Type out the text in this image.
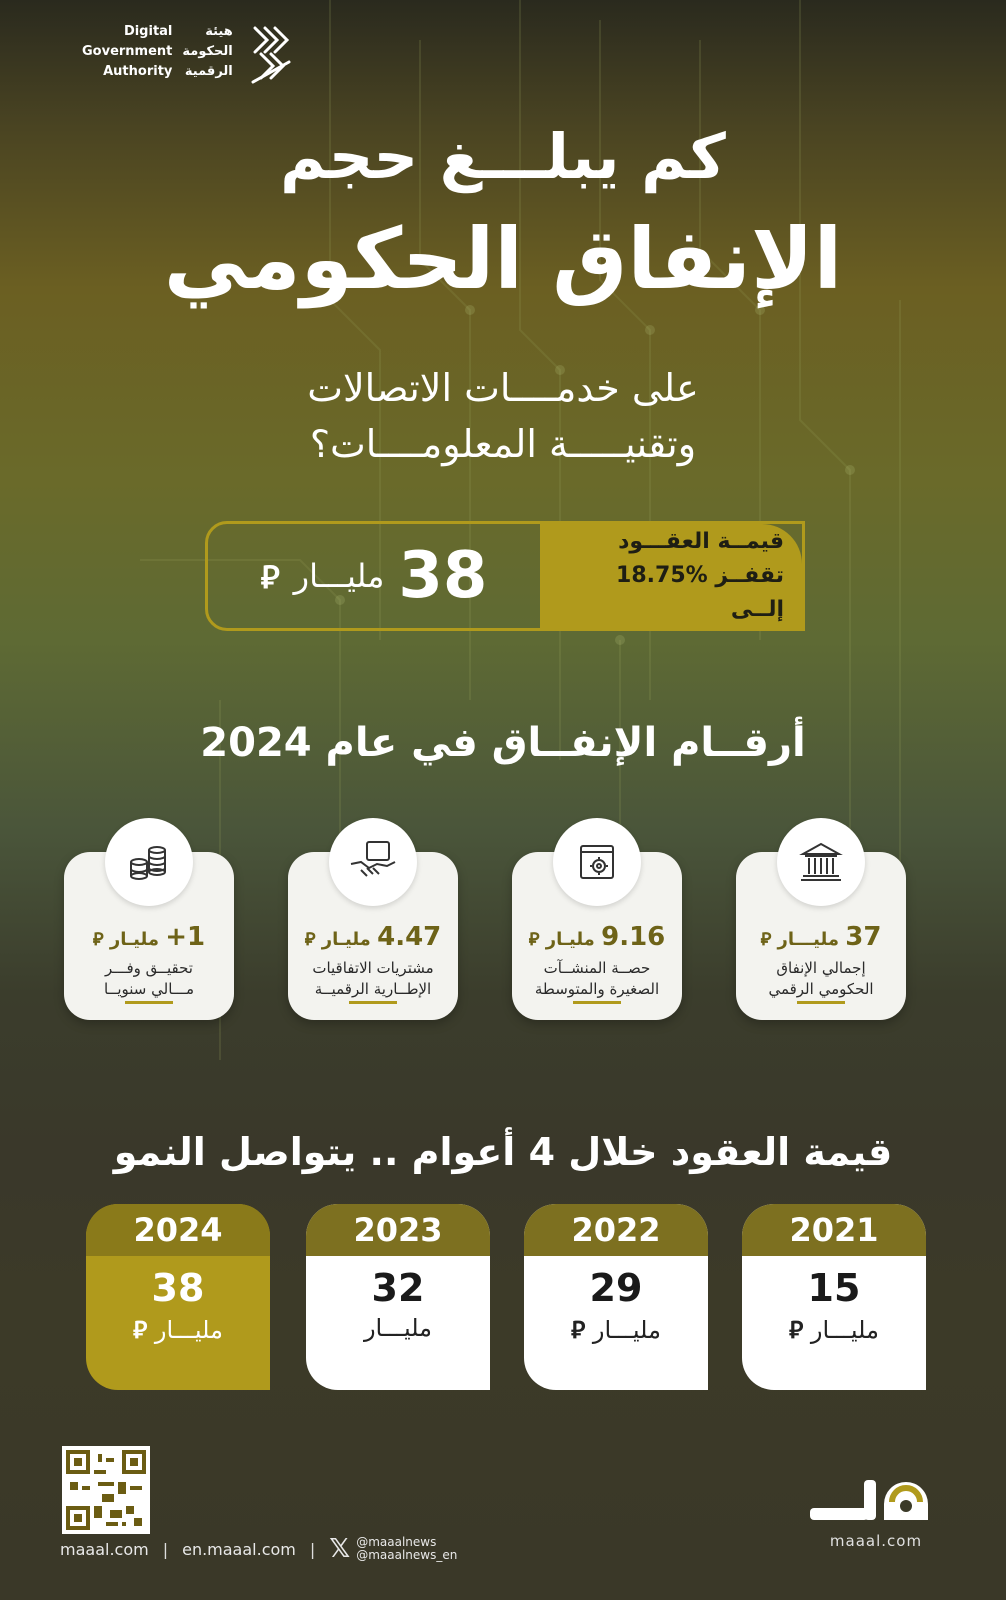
Digital
Government
Authority
هيئة
الحكومة
الرقمية
كم يبلـــغ حجم
الإنفاق الحكومي
على خدمــــات الاتصالات
وتقنيـــــة المعلومــــات؟
قيمــة العقـــود
تقفــز %18.75 إلــى
38
مليـــار
⃁
أرقــام الإنفــاق في عام 2024
37 مليـــار ⃁
إجمالي الإنفاق
الحكومي الرقمي
9.16 مليـار ⃁
حصــة المنشــآت
الصغيرة والمتوسطة
4.47 مليـار ⃁
مشتريات الاتفاقيات
الإطــارية الرقميــة
1+ مليـار ⃁
تحقيــق وفـــر
مـــالي سنويــا
قيمة العقود خلال 4 أعوام .. يتواصل النمو
2021
15
مليـــار ⃁
2022
29
مليـــار ⃁
2023
32
مليـــار
2024
38
مليـــار ⃁
maaal.com | en.maaal.com | 𝕏 @maaalnews
@maaalnews_en
maaal.com
